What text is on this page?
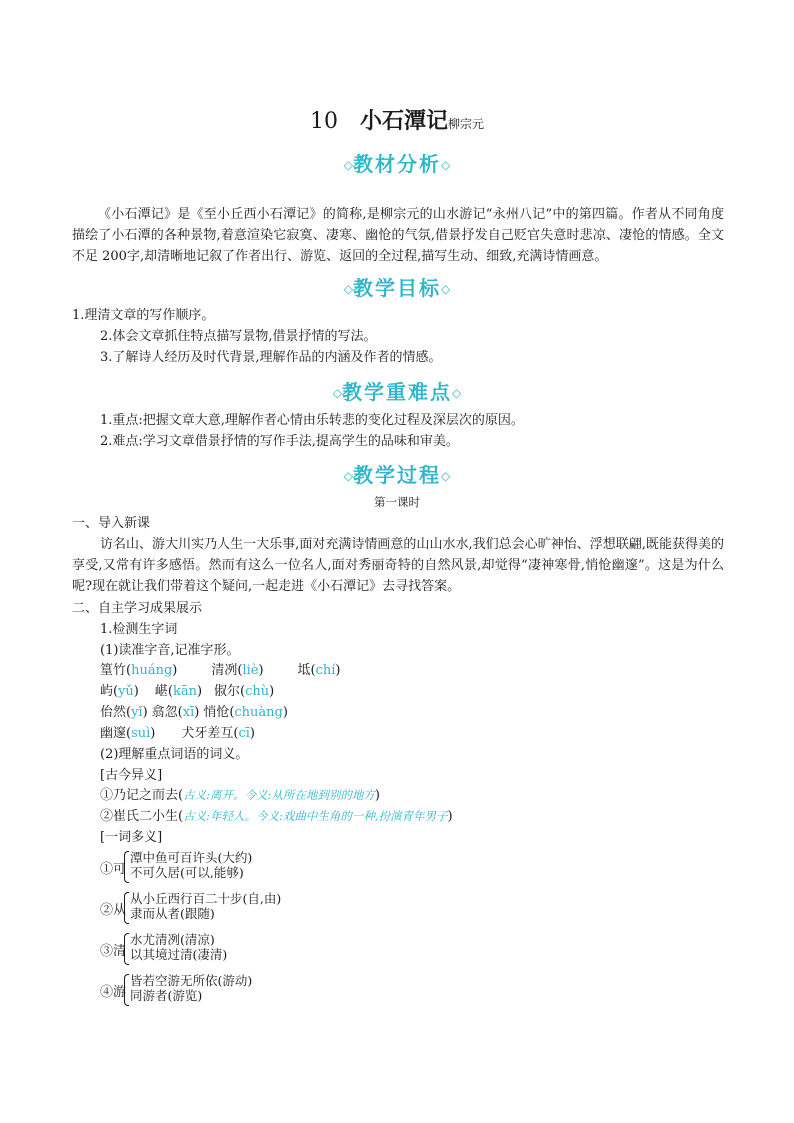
10 小石潭记柳宗元
◇教材分析◇
《小石潭记》是《至小丘西小石潭记》的简称,是柳宗元的山水游记“永州八记”中的第四篇。作者从不同角度描绘了小石潭的各种景物,着意渲染它寂寞、凄寒、幽怆的气氛,借景抒发自己贬官失意时悲凉、凄怆的情感。全文不足 200字,却清晰地记叙了作者出行、游览、返回的全过程,描写生动、细致,充满诗情画意。
◇教学目标◇
1.理清文章的写作顺序。
2.体会文章抓住特点描写景物,借景抒情的写法。
3.了解诗人经历及时代背景,理解作品的内涵及作者的情感。
◇教学重难点◇
1.重点:把握文章大意,理解作者心情由乐转悲的变化过程及深层次的原因。
2.难点:学习文章借景抒情的写作手法,提高学生的品味和审美。
◇教学过程◇
第一课时
一、导入新课
访名山、游大川实乃人生一大乐事,面对充满诗情画意的山山水水,我们总会心旷神怡、浮想联翩,既能获得美的享受,又常有许多感悟。然而有这么一位名人,面对秀丽奇特的自然风景,却觉得“凄神寒骨,悄怆幽邃”。这是为什么呢?现在就让我们带着这个疑问,一起走进《小石潭记》去寻找答案。
二、自主学习成果展示
1.检测生字词
(1)读准字音,记准字形。
篁竹(huáng)	清冽(liè)	坻(chí)
屿(yǔ) 嵁(kān) 俶尔(chù)
佁然(yǐ) 翕忽(xī) 悄怆(chuàng)
幽邃(suì) 犬牙差互(cī)
(2)理解重点词语的词义。
[古今异义]
①乃记之而去(古义:离开。今义:从所在地到别的地方)
②崔氏二小生(古义:年轻人。今义:戏曲中生角的一种,扮演青年男子)
[一词多义]
①可
潭中鱼可百许头(大约)
不可久居(可以,能够)
②从
从小丘西行百二十步(自,由)
隶而从者(跟随)
③清
水尤清冽(清凉)
以其境过清(凄清)
④游
皆若空游无所依(游动)
同游者(游览)
